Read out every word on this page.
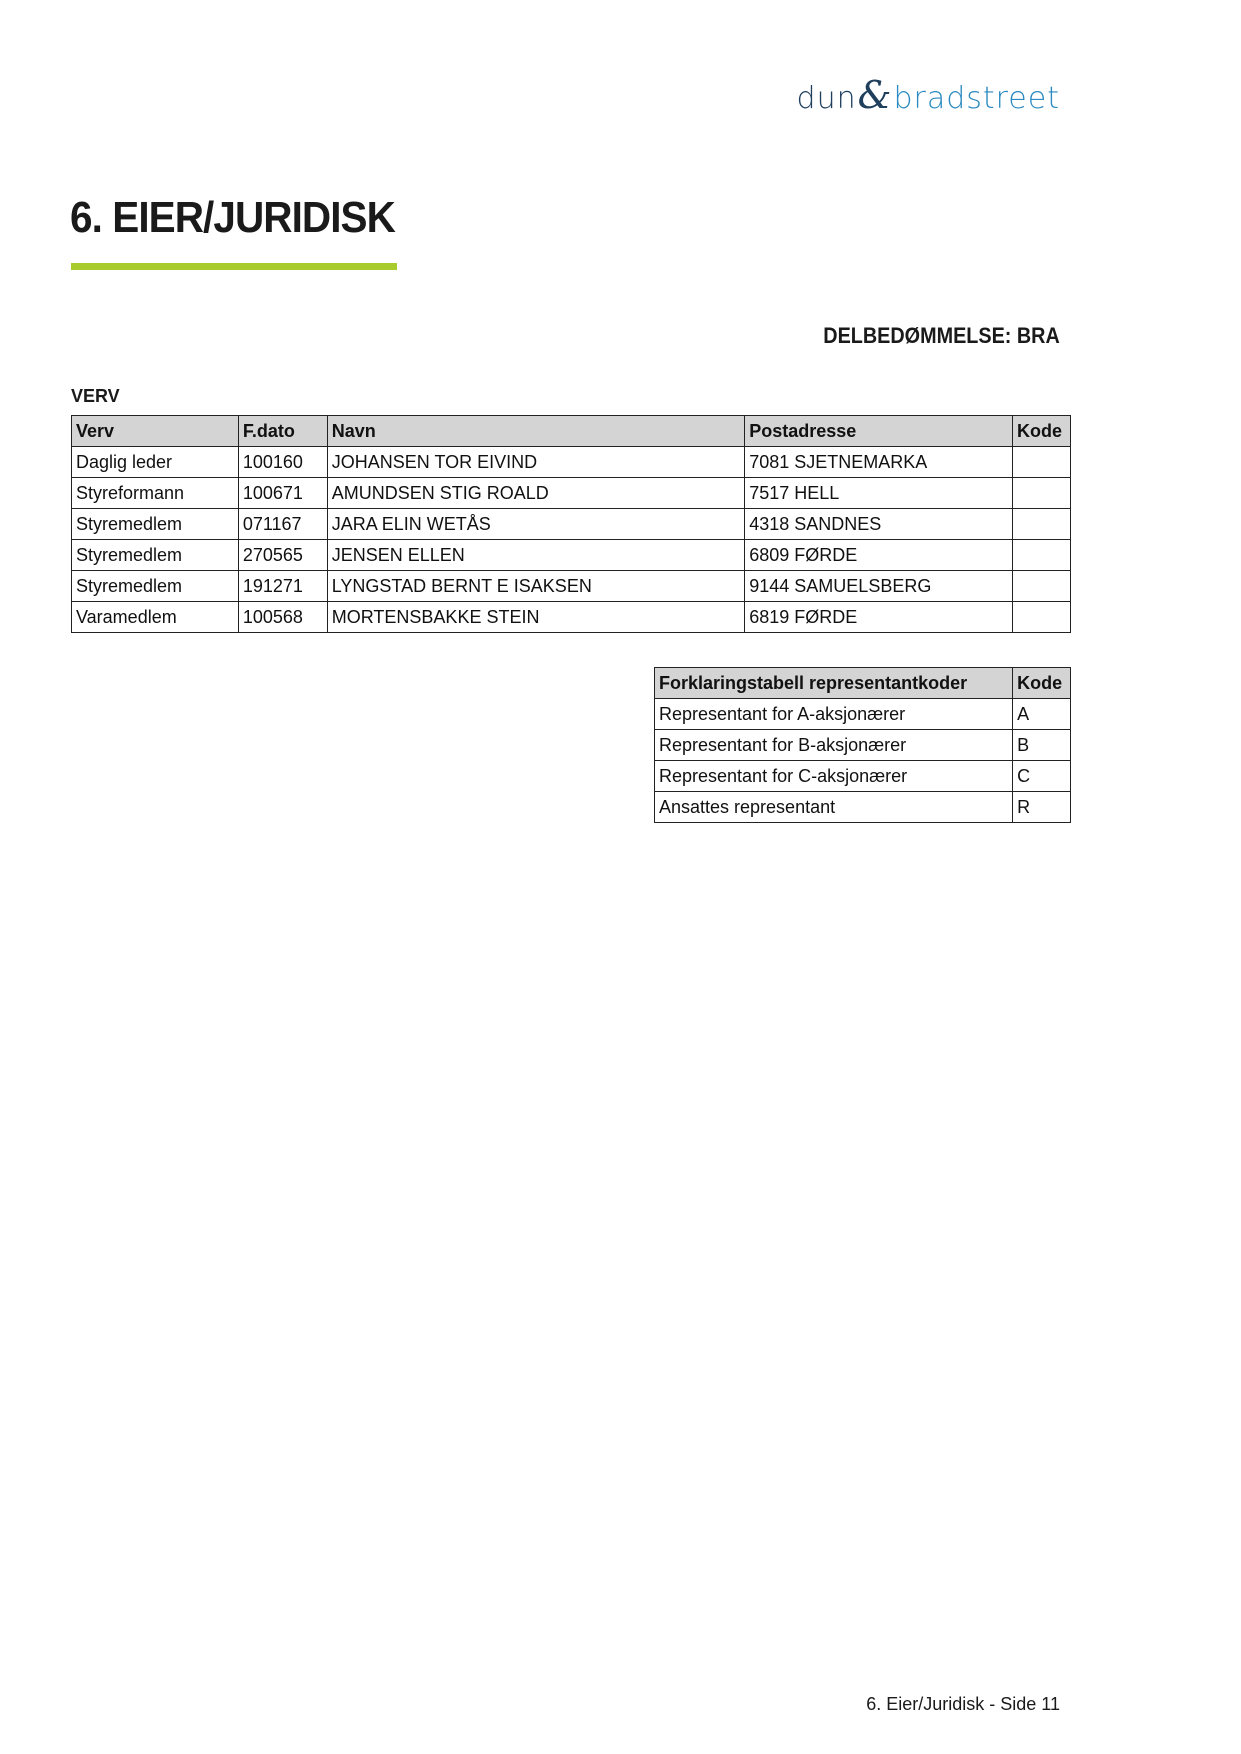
dun & bradstreet
6. EIER/JURIDISK
DELBEDØMMELSE: BRA
VERV
Verv	F.dato	Navn	Postadresse	Kode
Daglig leder	100160	JOHANSEN TOR EIVIND	7081 SJETNEMARKA	
Styreformann	100671	AMUNDSEN STIG ROALD	7517 HELL	
Styremedlem	071167	JARA ELIN WETÅS	4318 SANDNES	
Styremedlem	270565	JENSEN ELLEN	6809 FØRDE	
Styremedlem	191271	LYNGSTAD BERNT E ISAKSEN	9144 SAMUELSBERG	
Varamedlem	100568	MORTENSBAKKE STEIN	6819 FØRDE	
Forklaringstabell representantkoder	Kode
Representant for A-aksjonærer	A
Representant for B-aksjonærer	B
Representant for C-aksjonærer	C
Ansattes representant	R
6. Eier/Juridisk - Side 11
